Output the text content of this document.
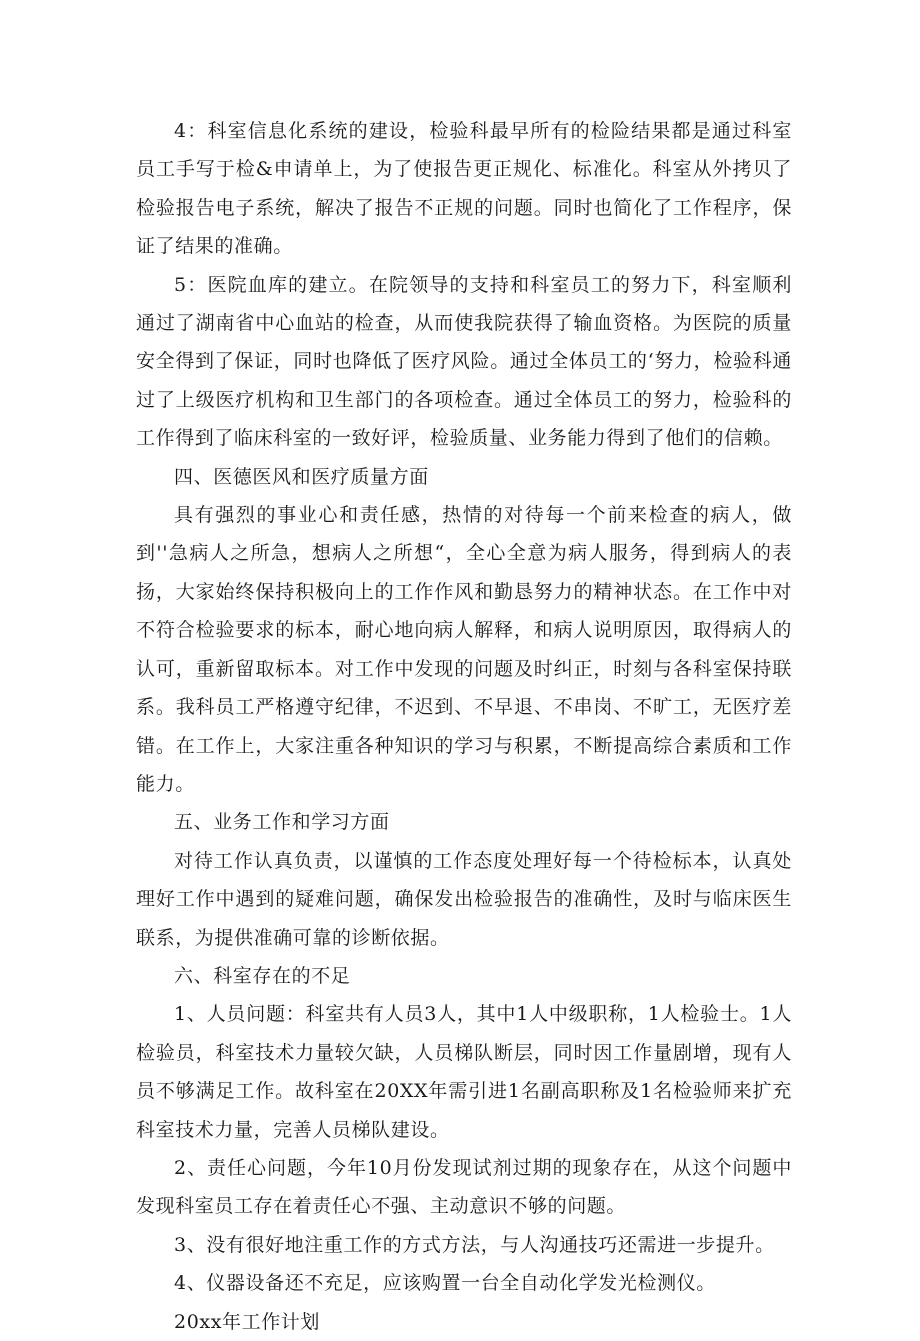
4：科室信息化系统的建设，检验科最早所有的检险结果都是通过科室员工手写于检&申请单上，为了使报告更正规化、标准化。科室从外拷贝了检验报告电子系统，解决了报告不正规的问题。同时也简化了工作程序，保证了结果的准确。

5：医院血库的建立。在院领导的支持和科室员工的努力下，科室顺利通过了湖南省中心血站的检查，从而使我院获得了输血资格。为医院的质量安全得到了保证，同时也降低了医疗风险。通过全体员工的‘努力，检验科通过了上级医疗机构和卫生部门的各项检查。通过全体员工的努力，检验科的工作得到了临床科室的一致好评，检验质量、业务能力得到了他们的信赖。

四、医德医风和医疗质量方面

具有强烈的事业心和责任感，热情的对待每一个前来检查的病人，做到''急病人之所急，想病人之所想“，全心全意为病人服务，得到病人的表扬，大家始终保持积极向上的工作作风和勤恳努力的精神状态。在工作中对不符合检验要求的标本，耐心地向病人解释，和病人说明原因，取得病人的认可，重新留取标本。对工作中发现的问题及时纠正，时刻与各科室保持联系。我科员工严格遵守纪律，不迟到、不早退、不串岗、不旷工，无医疗差错。在工作上，大家注重各种知识的学习与积累，不断提高综合素质和工作能力。

五、业务工作和学习方面

对待工作认真负责，以谨慎的工作态度处理好每一个待检标本，认真处理好工作中遇到的疑难问题，确保发出检验报告的准确性，及时与临床医生联系，为提供准确可靠的诊断依据。

六、科室存在的不足

1、人员问题：科室共有人员3人，其中1人中级职称，1人检验士。1人检验员，科室技术力量较欠缺，人员梯队断层，同时因工作量剧增，现有人员不够满足工作。故科室在20XX年需引进1名副高职称及1名检验师来扩充科室技术力量，完善人员梯队建设。

2、责任心问题，今年10月份发现试剂过期的现象存在，从这个问题中发现科室员工存在着责任心不强、主动意识不够的问题。

3、没有很好地注重工作的方式方法，与人沟通技巧还需进一步提升。

4、仪器设备还不充足，应该购置一台全自动化学发光检测仪。

20xx年工作计划
